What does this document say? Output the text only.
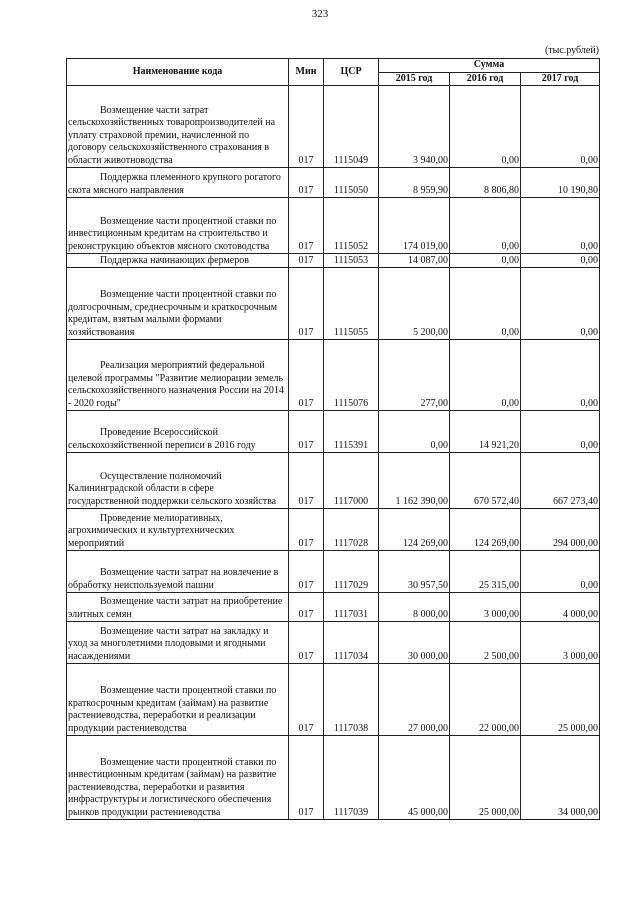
323
(тыс.рублей)
Наименование кода	Мин	ЦСР	Сумма		
			2015 год	2016 год	2017 год
Возмещение части затрат сельскохозяйственных товаропроизводителей на уплату страховой премии, начисленной по договору сельскохозяйственного страхования в области животноводства	017	1115049	3 940,00	0,00	0,00
Поддержка племенного крупного рогатого скота мясного направления	017	1115050	8 959,90	8 806,80	10 190,80
Возмещение части процентной ставки по инвестиционным кредитам на строительство и реконструкцию объектов мясного скотоводства	017	1115052	174 019,00	0,00	0,00
Поддержка начинающих фермеров	017	1115053	14 087,00	0,00	0,00
Возмещение части процентной ставки по долгосрочным, среднесрочным и краткосрочным кредитам, взятым малыми формами хозяйствования	017	1115055	5 200,00	0,00	0,00
Реализация мероприятий федеральной целевой программы "Развитие мелиорации земель сельскохозяйственного назначения России на 2014 - 2020 годы"	017	1115076	277,00	0,00	0,00
Проведение Всероссийской сельскохозяйственной переписи в 2016 году	017	1115391	0,00	14 921,20	0,00
Осуществление полномочий Калининградской области в сфере государственной поддержки сельского хозяйства	017	1117000	1 162 390,00	670 572,40	667 273,40
Проведение мелиоративных, агрохимических и культуртехнических мероприятий	017	1117028	124 269,00	124 269,00	294 000,00
Возмещение части затрат на вовлечение в обработку неиспользуемой пашни	017	1117029	30 957,50	25 315,00	0,00
Возмещение части затрат на приобретение элитных семян	017	1117031	8 000,00	3 000,00	4 000,00
Возмещение части затрат на закладку и уход за многолетними плодовыми и ягодными насаждениями	017	1117034	30 000,00	2 500,00	3 000,00
Возмещение части процентной ставки по краткосрочным кредитам (займам) на развитие растениеводства, переработки и реализации продукции растениеводства	017	1117038	27 000,00	22 000,00	25 000,00
Возмещение части процентной ставки по инвестиционным кредитам (займам) на развитие растениеводства, переработки и развития инфраструктуры и логистического обеспечения рынков продукции растениеводства	017	1117039	45 000,00	25 000,00	34 000,00
